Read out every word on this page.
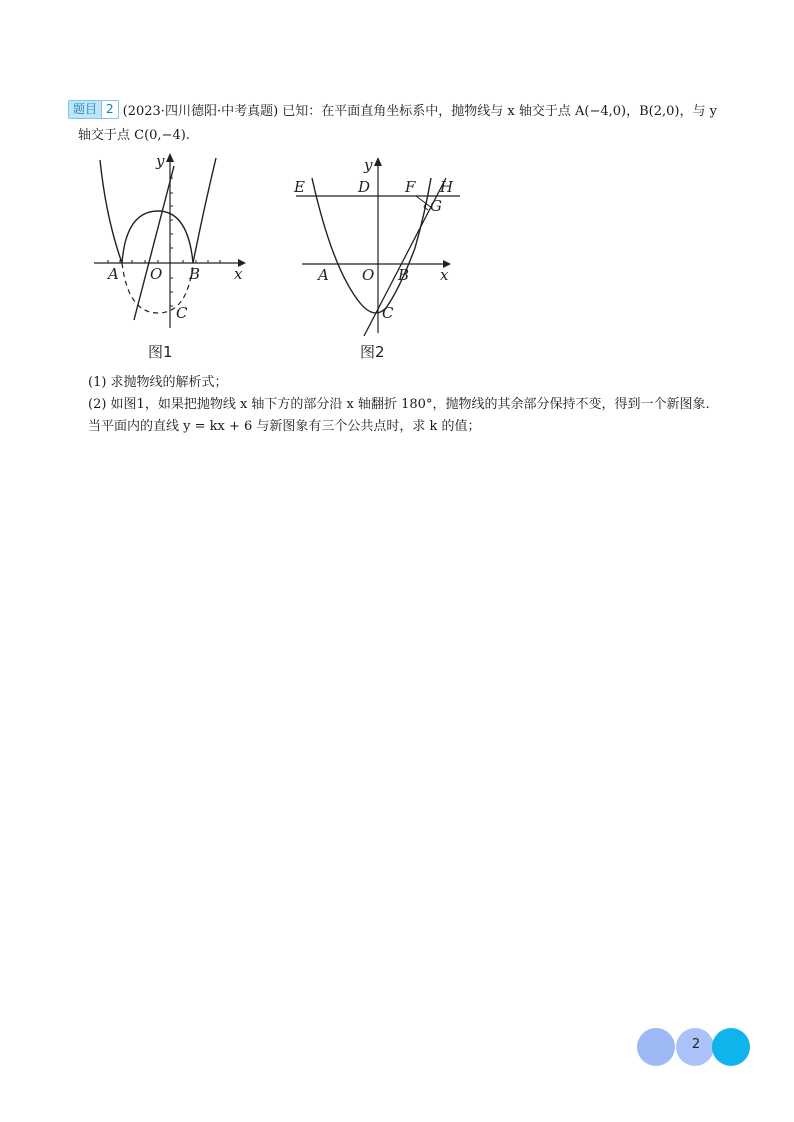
题目 2 (2023·四川德阳·中考真题) 已知：在平面直角坐标系中，抛物线与 x 轴交于点 A(−4,0)，B(2,0)，与 y
轴交于点 C(0,−4).
y
x
A O B
C
图1
y
x
E	D F H
G
A O B
C
图2
(1) 求抛物线的解析式；
(2) 如图1，如果把抛物线 x 轴下方的部分沿 x 轴翻折 180°，抛物线的其余部分保持不变，得到一个新图象.
当平面内的直线 y = kx + 6 与新图象有三个公共点时，求 k 的值；
2
